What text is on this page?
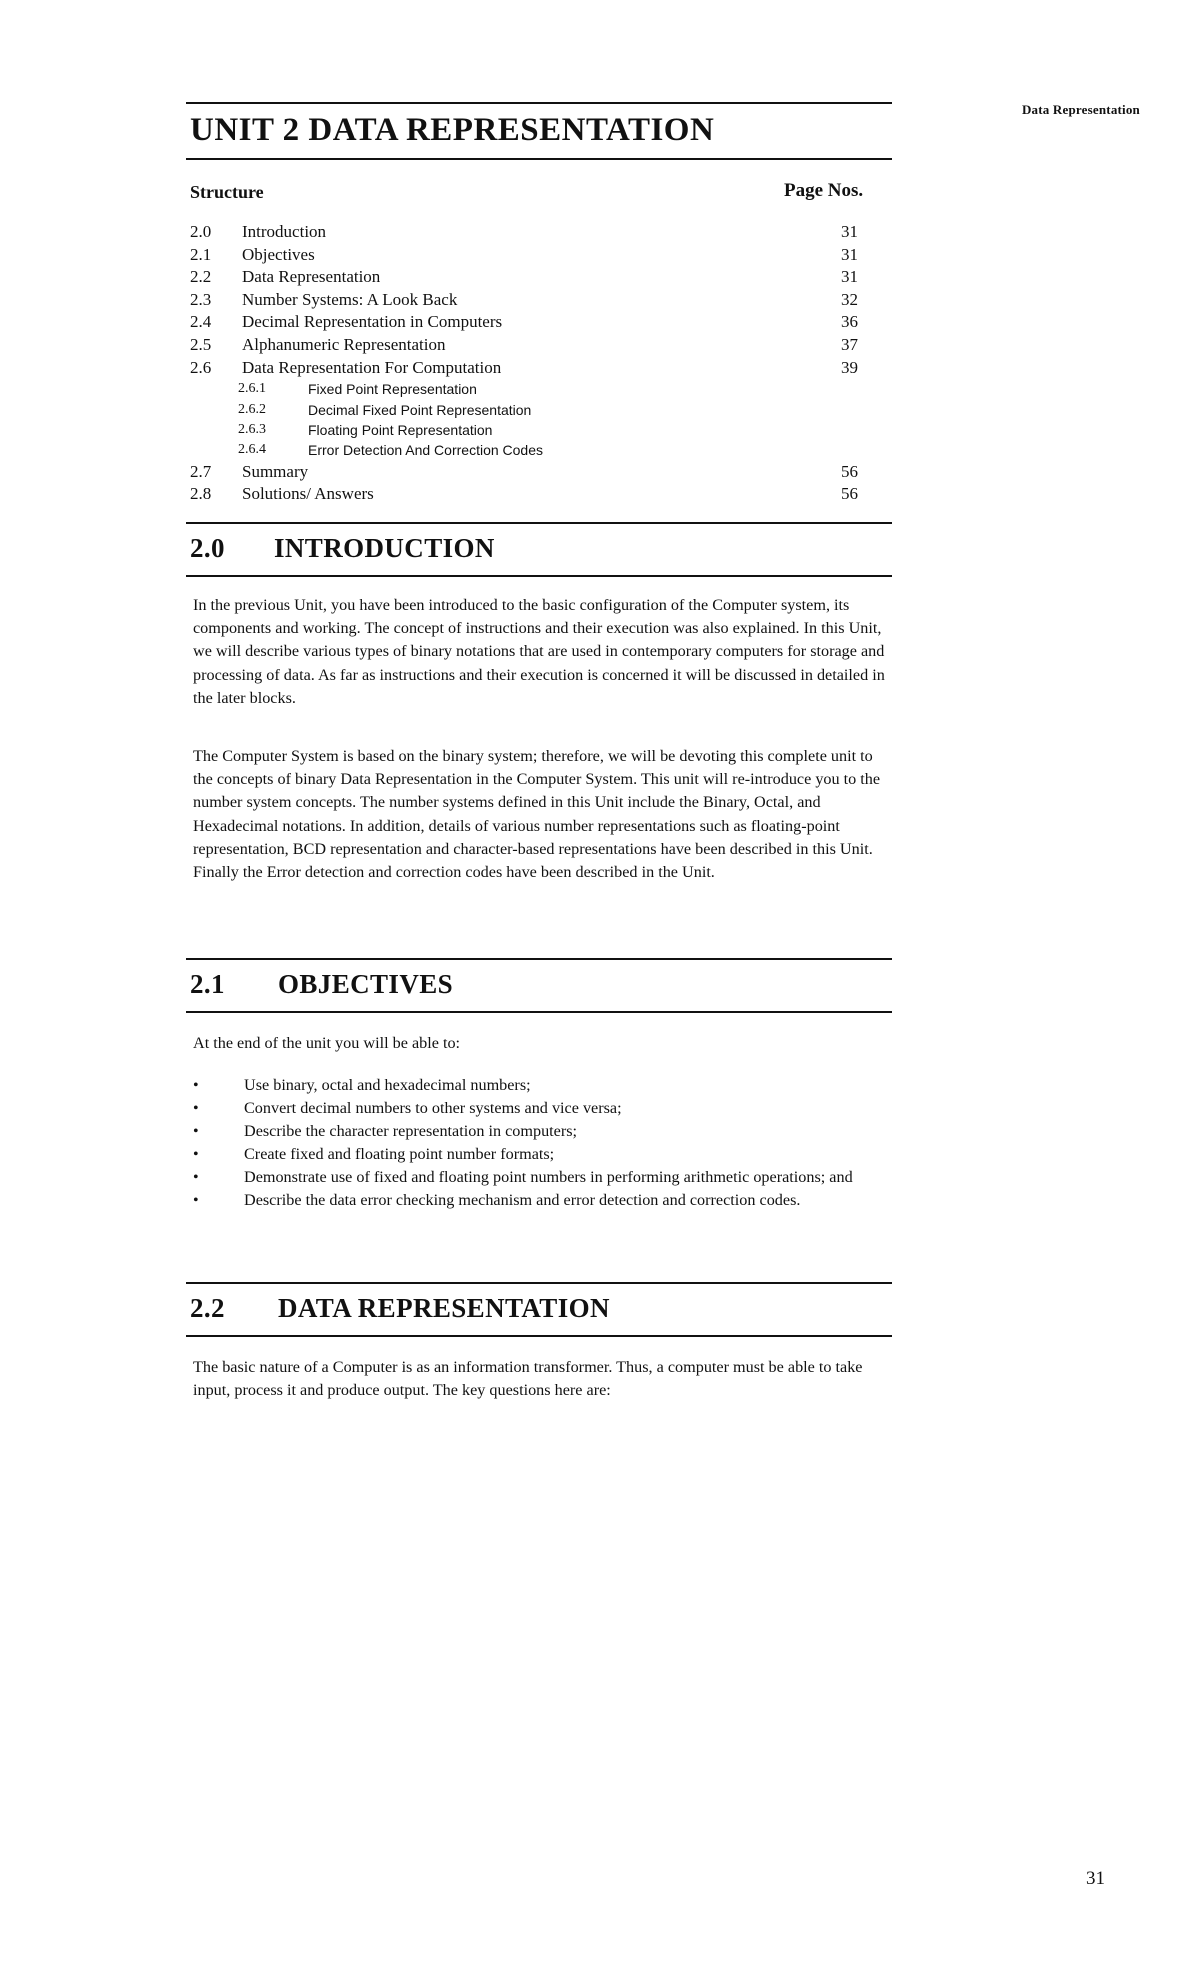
Data Representation
UNIT 2 DATA REPRESENTATION
Structure	Page Nos.
2.0 Introduction	31
2.1 Objectives	31
2.2 Data Representation	31
2.3 Number Systems: A Look Back	32
2.4 Decimal Representation in Computers	36
2.5 Alphanumeric Representation	37
2.6 Data Representation For Computation	39
2.6.1	Fixed Point Representation
2.6.2	Decimal Fixed Point Representation
2.6.3	Floating Point Representation
2.6.4	Error Detection And Correction Codes
2.7 Summary	56
2.8 Solutions/ Answers	56
2.0 INTRODUCTION
In the previous Unit, you have been introduced to the basic configuration of the Computer system, its components and working. The concept of instructions and their execution was also explained. In this Unit, we will describe various types of binary notations that are used in contemporary computers for storage and processing of data. As far as instructions and their execution is concerned it will be discussed in detailed in the later blocks.
The Computer System is based on the binary system; therefore, we will be devoting this complete unit to the concepts of binary Data Representation in the Computer System. This unit will re-introduce you to the number system concepts. The number systems defined in this Unit include the Binary, Octal, and Hexadecimal notations. In addition, details of various number representations such as floating-point representation, BCD representation and character-based representations have been described in this Unit. Finally the Error detection and correction codes have been described in the Unit.
2.1 OBJECTIVES
At the end of the unit you will be able to:
•	Use binary, octal and hexadecimal numbers;
•	Convert decimal numbers to other systems and vice versa;
•	Describe the character representation in computers;
•	Create fixed and floating point number formats;
•	Demonstrate use of fixed and floating point numbers in performing arithmetic operations; and
•	Describe the data error checking mechanism and error detection and correction codes.
2.2 DATA REPRESENTATION
The basic nature of a Computer is as an information transformer. Thus, a computer must be able to take input, process it and produce output. The key questions here are:
31
